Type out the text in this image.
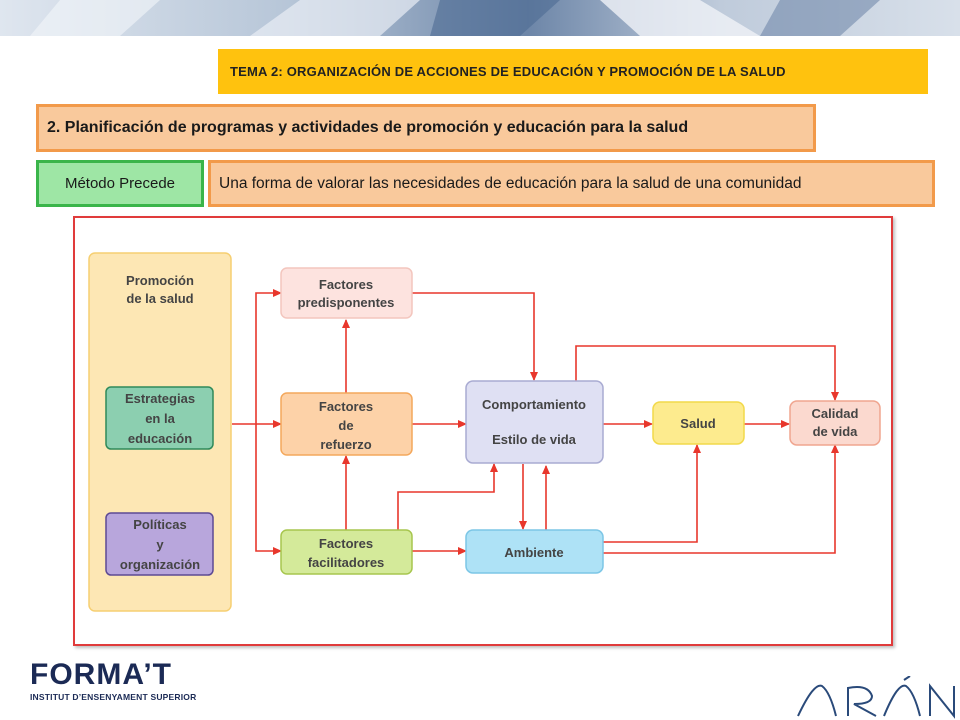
TEMA 2: ORGANIZACIÓN DE ACCIONES DE EDUCACIÓN Y PROMOCIÓN DE LA SALUD
2. Planificación de programas y actividades de promoción y educación para la salud
Método Precede	Una forma de valorar las necesidades de educación para la salud de una comunidad
Promoción de la salud
Estrategias en la educación
Políticas y organización
Factores predisponentes
Factores de refuerzo
Factores facilitadores
Comportamiento Estilo de vida
Ambiente
Salud
Calidad de vida
FORMA’T
INSTITUT D’ENSENYAMENT SUPERIOR
